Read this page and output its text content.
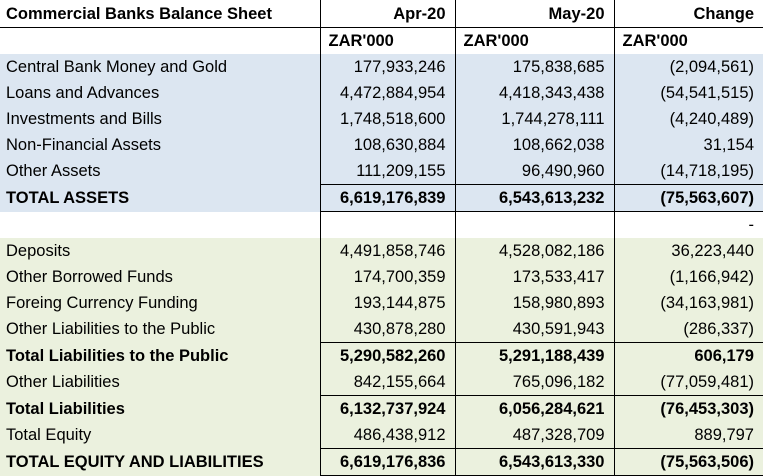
Commercial Banks Balance Sheet	Apr-20	May-20	Change
	ZAR'000	ZAR'000	ZAR'000
Central Bank Money and Gold	177,933,246	175,838,685	(2,094,561)
Loans and Advances	4,472,884,954	4,418,343,438	(54,541,515)
Investments and Bills	1,748,518,600	1,744,278,111	(4,240,489)
Non-Financial Assets	108,630,884	108,662,038	31,154
Other Assets	111,209,155	96,490,960	(14,718,195)
TOTAL ASSETS	6,619,176,839	6,543,613,232	(75,563,607)
			-
Deposits	4,491,858,746	4,528,082,186	36,223,440
Other Borrowed Funds	174,700,359	173,533,417	(1,166,942)
Foreing Currency Funding	193,144,875	158,980,893	(34,163,981)
Other Liabilities to the Public	430,878,280	430,591,943	(286,337)
Total Liabilities to the Public	5,290,582,260	5,291,188,439	606,179
Other Liabilities	842,155,664	765,096,182	(77,059,481)
Total Liabilities	6,132,737,924	6,056,284,621	(76,453,303)
Total Equity	486,438,912	487,328,709	889,797
TOTAL EQUITY AND LIABILITIES	6,619,176,836	6,543,613,330	(75,563,506)
